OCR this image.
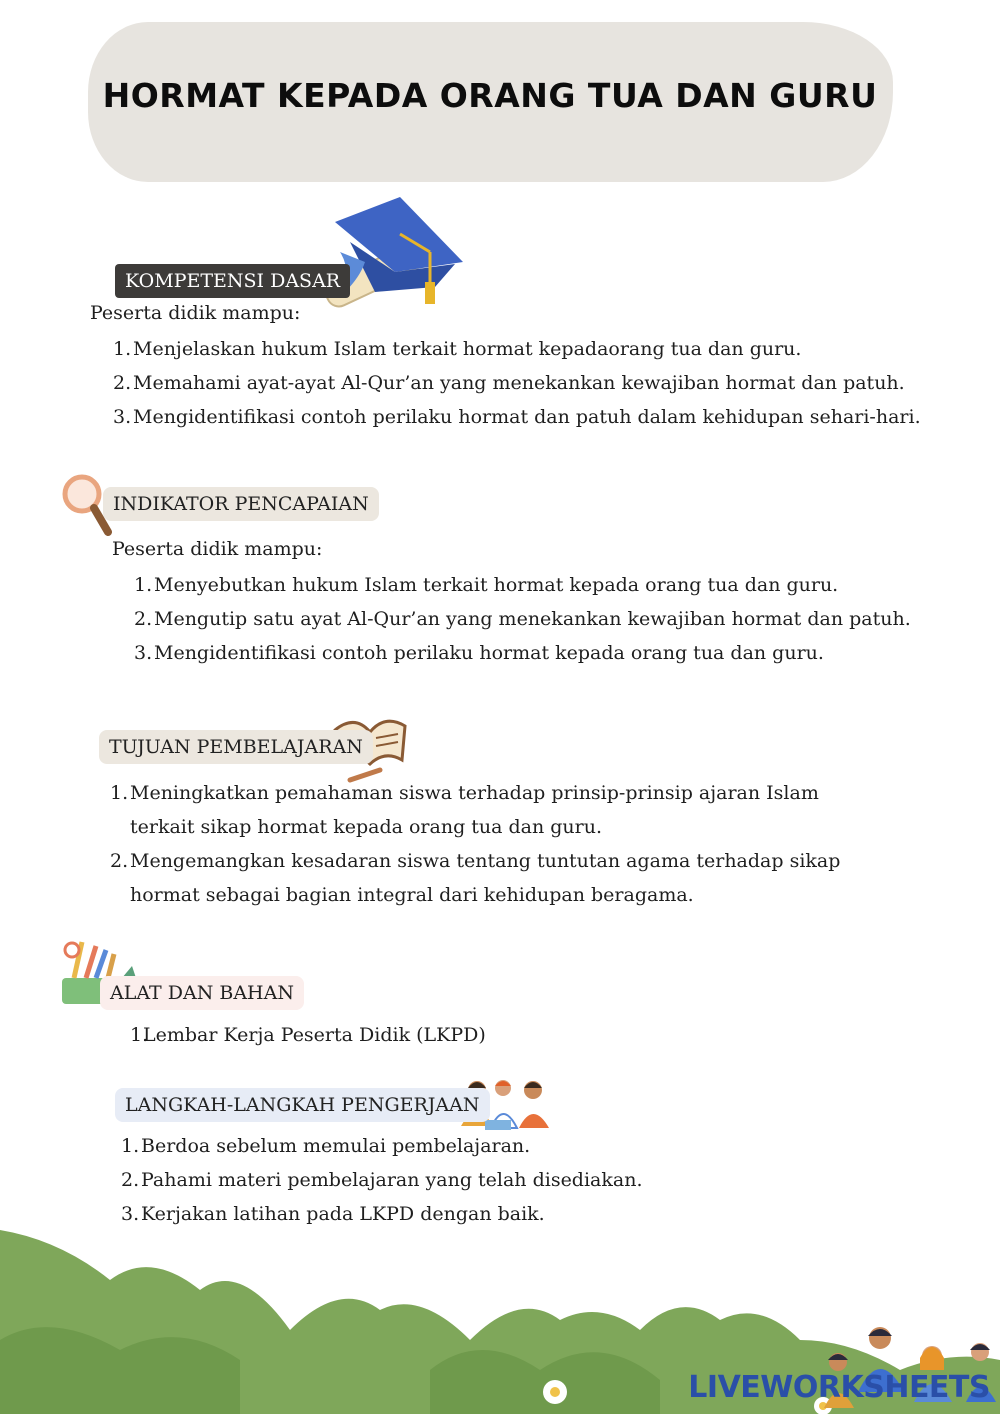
HORMAT KEPADA ORANG TUA DAN GURU
KOMPETENSI DASAR
Peserta didik mampu:
1. Menjelaskan hukum Islam terkait hormat kepadaorang tua dan guru.
2. Memahami ayat-ayat Al-Qur’an yang menekankan kewajiban hormat dan patuh.
3. Mengidentifikasi contoh perilaku hormat dan patuh dalam kehidupan sehari-hari.
INDIKATOR PENCAPAIAN
Peserta didik mampu:
1. Menyebutkan hukum Islam terkait hormat kepada orang tua dan guru.
2. Mengutip satu ayat Al-Qur’an yang menekankan kewajiban hormat dan patuh.
3. Mengidentifikasi contoh perilaku hormat kepada orang tua dan guru.
TUJUAN PEMBELAJARAN
1. Meningkatkan pemahaman siswa terhadap prinsip-prinsip ajaran Islam terkait sikap hormat kepada orang tua dan guru.
2. Mengemangkan kesadaran siswa tentang tuntutan agama terhadap sikap hormat sebagai bagian integral dari kehidupan beragama.
ALAT DAN BAHAN
1.
Lembar Kerja Peserta Didik (LKPD)
LANGKAH-LANGKAH PENGERJAAN
1. Berdoa sebelum memulai pembelajaran.
2. Pahami materi pembelajaran yang telah disediakan.
3. Kerjakan latihan pada LKPD dengan baik.
LIVEWORKSHEETS
